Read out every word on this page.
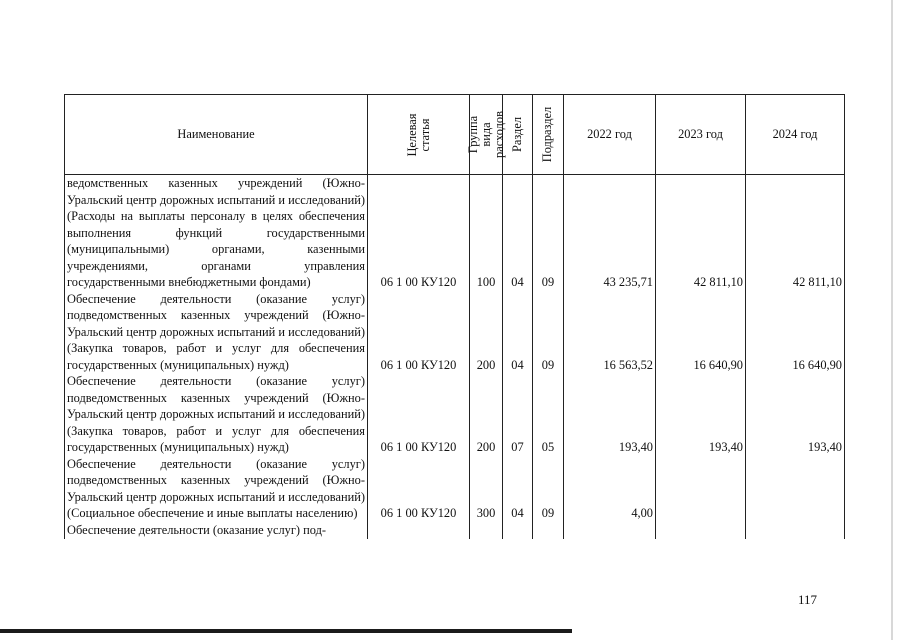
Наименование	Целевая статья	Группа вида расходов	Раздел	Подраздел	2022 год	2023 год	2024 год

ведомственных казенных учреждений (Южно-Уральский центр дорожных испытаний и исследований) (Расходы на выплаты персоналу в целях обеспечения выполнения функций государственными (муниципальными) органами, казенными учреждениями, органами управления государственными внебюджетными фондами)	06 1 00 КУ120	100	04	09	43 235,71	42 811,10	42 811,10
Обеспечение деятельности (оказание услуг) подведомственных казенных учреждений (Южно-Уральский центр дорожных испытаний и исследований) (Закупка товаров, работ и услуг для обеспечения государственных (муниципальных) нужд)	06 1 00 КУ120	200	04	09	16 563,52	16 640,90	16 640,90
Обеспечение деятельности (оказание услуг) подведомственных казенных учреждений (Южно-Уральский центр дорожных испытаний и исследований) (Закупка товаров, работ и услуг для обеспечения государственных (муниципальных) нужд)	06 1 00 КУ120	200	07	05	193,40	193,40	193,40
Обеспечение деятельности (оказание услуг) подведомственных казенных учреждений (Южно-Уральский центр дорожных испытаний и исследований) (Социальное обеспечение и иные выплаты населению)	06 1 00 КУ120	300	04	09	4,00		
Обеспечение деятельности (оказание услуг) под-							
117
